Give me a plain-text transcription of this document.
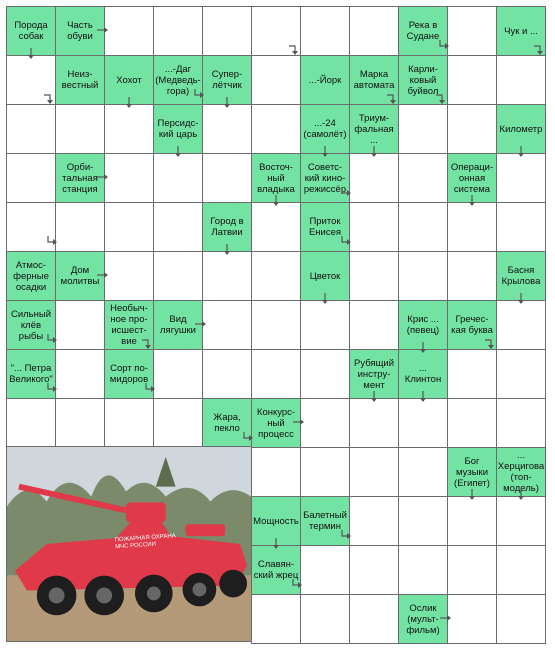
Порода собак
Часть обуви
Река в Судане	Чук и ...
Неиз-вестный	Хохот
...-Даг (Медведь-гора)
Супер-лётчик	...-Йорк	Марка автомата
Карли-ковый буйвол
Персидс-кий царь
...-24 (самолёт)
Триум-фальная ...
Километр
Орби-тальная станция
Восточ-ный владыка
Советс-кий кино-режиссёр
Операци-онная система
Город в Латвии
Приток Енисея
Атмос-ферные осадки
Дом молитвы	Цветок	Басня Крылова
Сильный клёв рыбы
Необыч-ное про-исшест-вие
Вид лягушки
Крис ... (певец)
Гречес-кая буква
"... Петра Великого"
Сорт по-мидоров
Рубящий инстру-мент
... Клинтон
Жара, пекло
Конкурс-ный процесс
Бог музыки (Египет)
... Херцигова (топ-модель)
Мощность Балетный термин
Славян-ский жрец
Ослик (мульт-фильм)
ПОЖАРНАЯ ОХРАНА МЧС РОССИИ
